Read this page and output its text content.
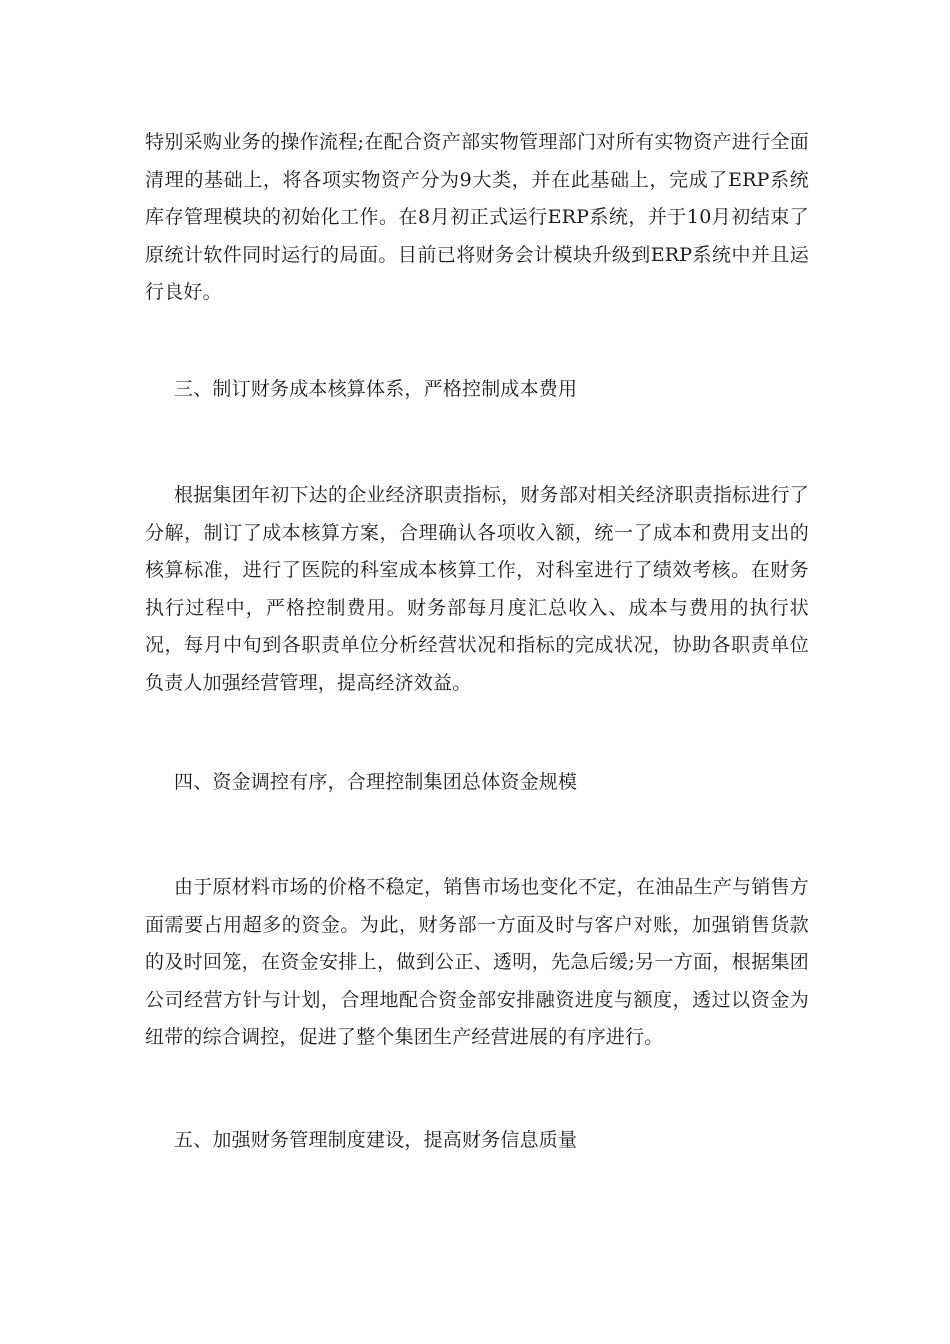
特别采购业务的操作流程;在配合资产部实物管理部门对所有实物资产进行全面清理的基础上，将各项实物资产分为9大类，并在此基础上，完成了ERP系统库存管理模块的初始化工作。在8月初正式运行ERP系统，并于10月初结束了原统计软件同时运行的局面。目前已将财务会计模块升级到ERP系统中并且运行良好。

三、制订财务成本核算体系，严格控制成本费用

根据集团年初下达的企业经济职责指标，财务部对相关经济职责指标进行了分解，制订了成本核算方案，合理确认各项收入额，统一了成本和费用支出的核算标准，进行了医院的科室成本核算工作，对科室进行了绩效考核。在财务执行过程中，严格控制费用。财务部每月度汇总收入、成本与费用的执行状况，每月中旬到各职责单位分析经营状况和指标的完成状况，协助各职责单位负责人加强经营管理，提高经济效益。

四、资金调控有序，合理控制集团总体资金规模

由于原材料市场的价格不稳定，销售市场也变化不定，在油品生产与销售方面需要占用超多的资金。为此，财务部一方面及时与客户对账，加强销售货款的及时回笼，在资金安排上，做到公正、透明，先急后缓;另一方面，根据集团公司经营方针与计划，合理地配合资金部安排融资进度与额度，透过以资金为纽带的综合调控，促进了整个集团生产经营进展的有序进行。

五、加强财务管理制度建设，提高财务信息质量
